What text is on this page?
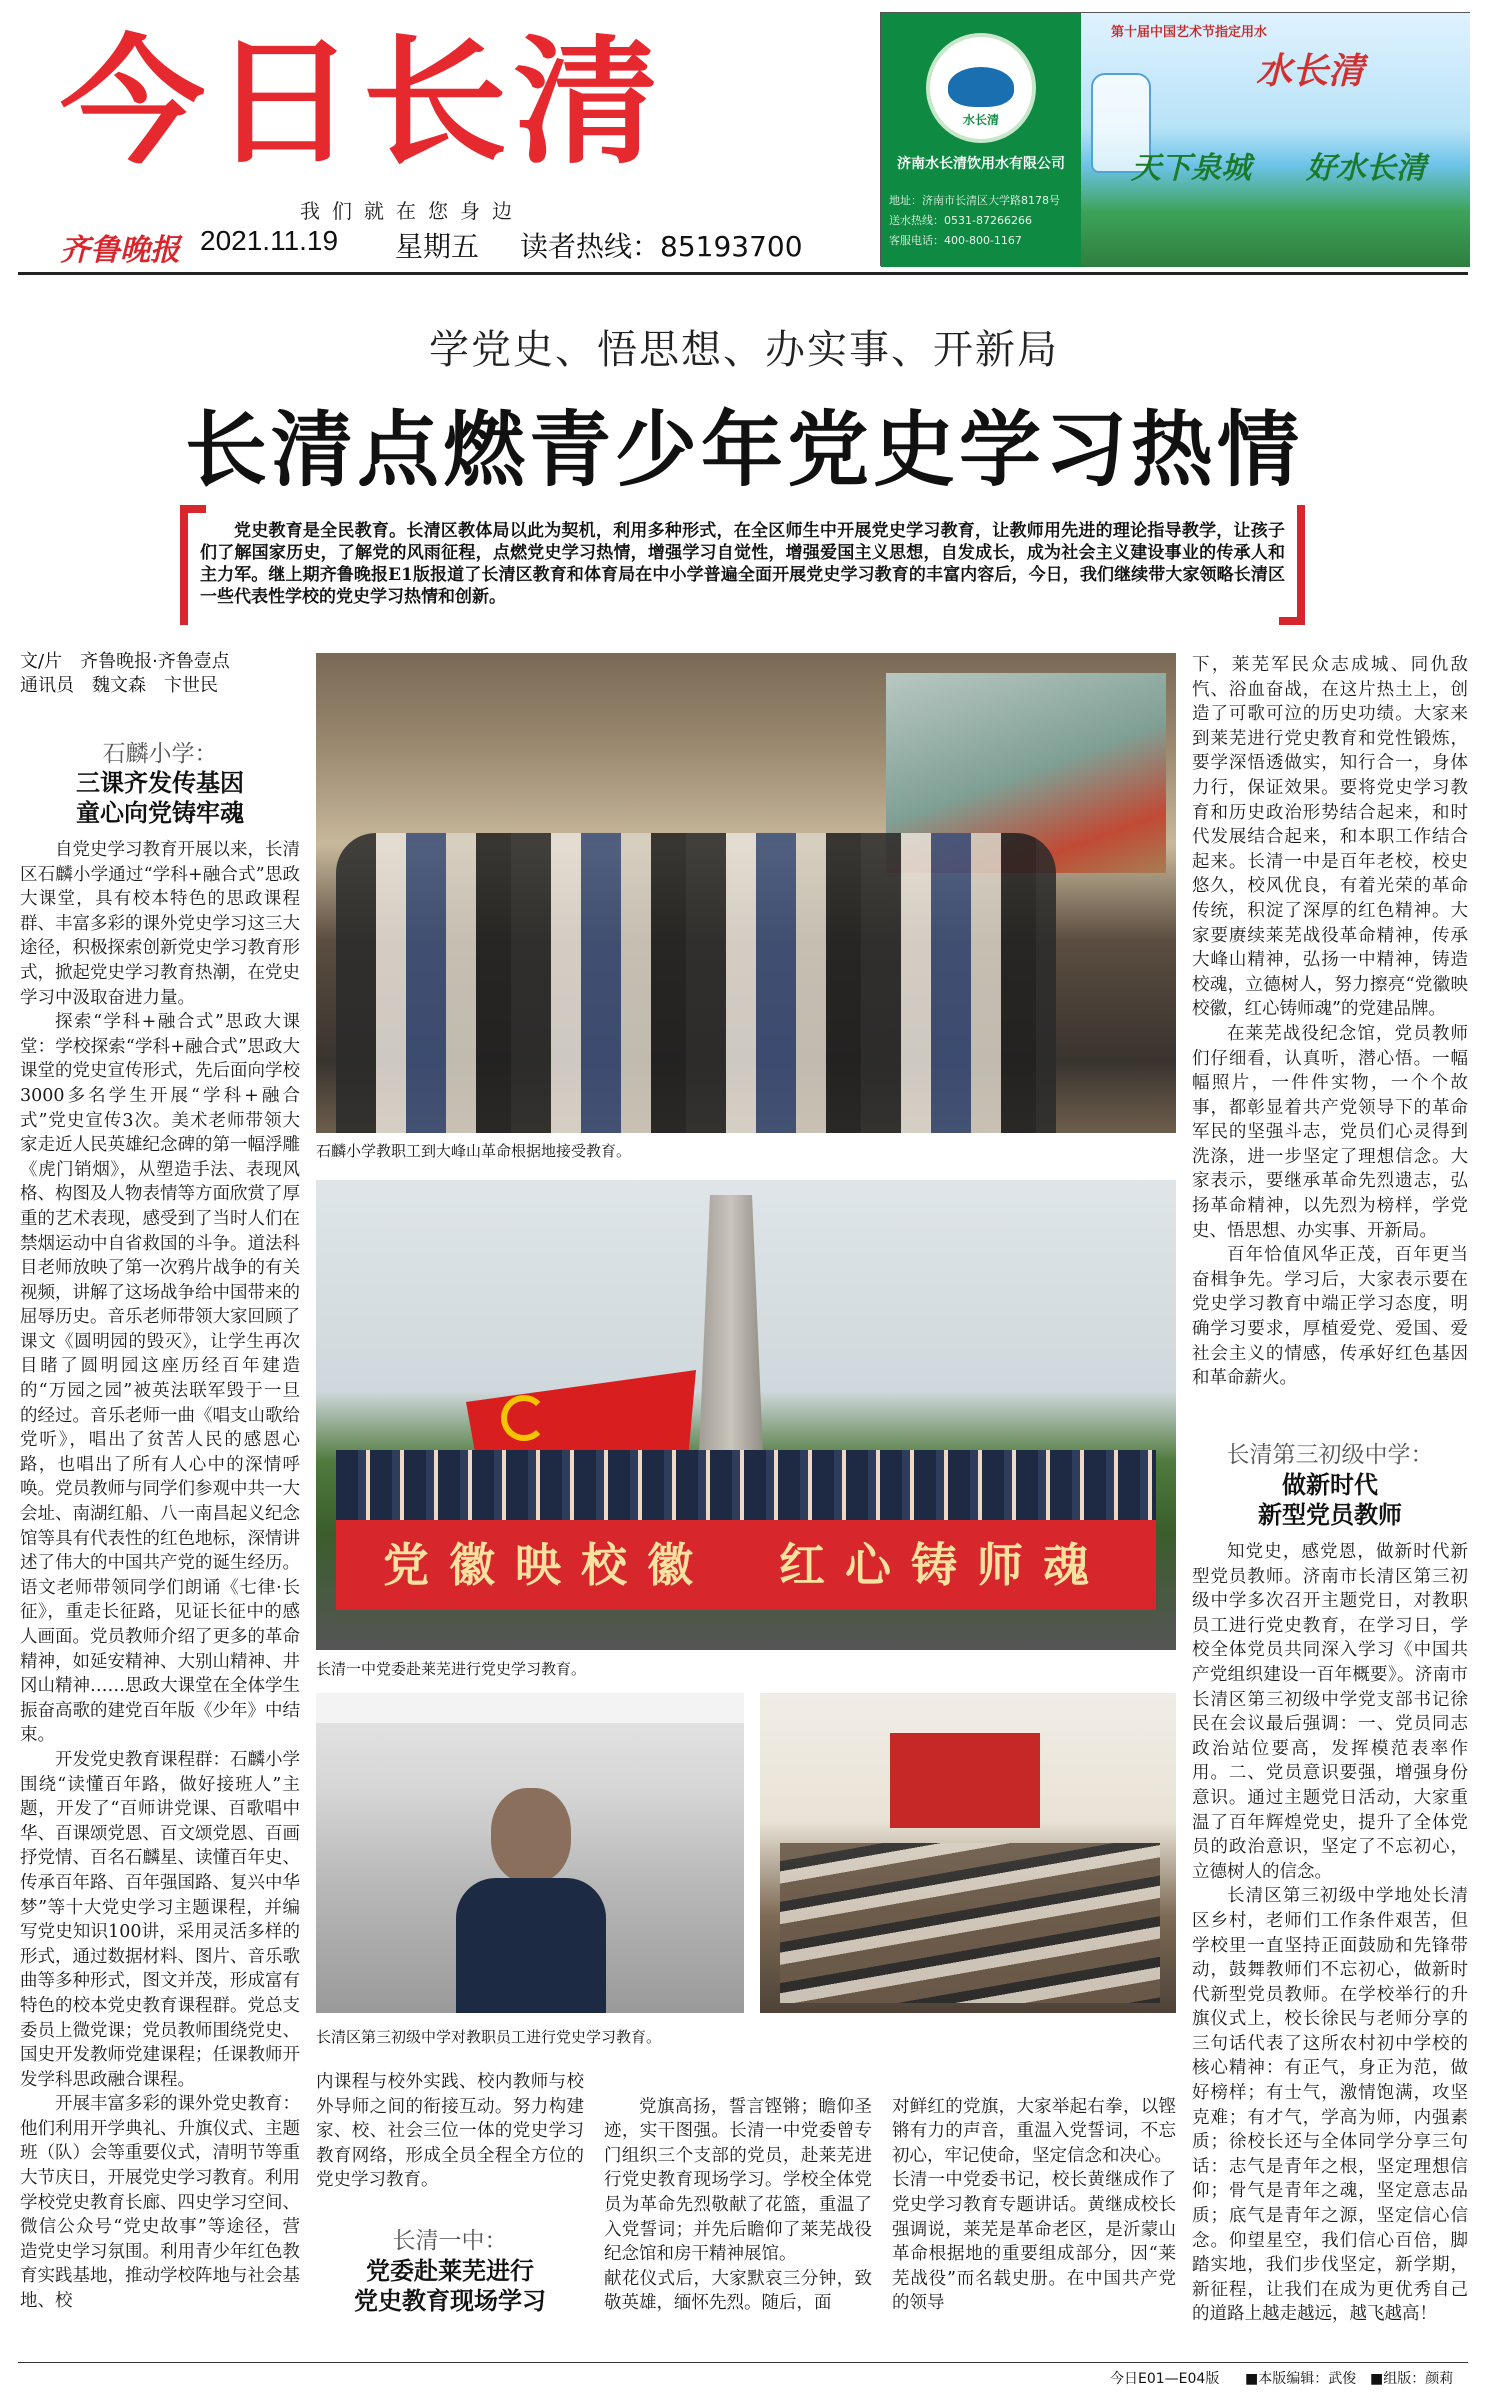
今日长清
我们就在您身边
齐鲁晚报 2021.11.19 星期五 读者热线：85193700
水长清
济南水长清饮用水有限公司
地址：济南市长清区大学路8178号
送水热线：0531-87266266
客服电话：400-800-1167
第十届中国艺术节指定用水
水长清
天下泉城 好水长清
学党史、悟思想、办实事、开新局
长清点燃青少年党史学习热情
党史教育是全民教育。长清区教体局以此为契机，利用多种形式，在全区师生中开展党史学习教育，让教师用先进的理论指导教学，让孩子们了解国家历史，了解党的风雨征程，点燃党史学习热情，增强学习自觉性，增强爱国主义思想，自发成长，成为社会主义建设事业的传承人和主力军。继上期齐鲁晚报E1版报道了长清区教育和体育局在中小学普遍全面开展党史学习教育的丰富内容后，今日，我们继续带大家领略长清区一些代表性学校的党史学习热情和创新。
文/片　齐鲁晚报·齐鲁壹点
通讯员　魏文森　卞世民
石麟小学：
三课齐发传基因
童心向党铸牢魂

自党史学习教育开展以来，长清区石麟小学通过“学科+融合式”思政大课堂，具有校本特色的思政课程群、丰富多彩的课外党史学习这三大途径，积极探索创新党史学习教育形式，掀起党史学习教育热潮，在党史学习中汲取奋进力量。

探索“学科+融合式”思政大课堂：学校探索“学科+融合式”思政大课堂的党史宣传形式，先后面向学校3000多名学生开展“学科+融合式”党史宣传3次。美术老师带领大家走近人民英雄纪念碑的第一幅浮雕《虎门销烟》，从塑造手法、表现风格、构图及人物表情等方面欣赏了厚重的艺术表现，感受到了当时人们在禁烟运动中自省救国的斗争。道法科目老师放映了第一次鸦片战争的有关视频，讲解了这场战争给中国带来的屈辱历史。音乐老师带领大家回顾了课文《圆明园的毁灭》，让学生再次目睹了圆明园这座历经百年建造的“万园之园”被英法联军毁于一旦的经过。音乐老师一曲《唱支山歌给党听》，唱出了贫苦人民的感恩心路，也唱出了所有人心中的深情呼唤。党员教师与同学们参观中共一大会址、南湖红船、八一南昌起义纪念馆等具有代表性的红色地标，深情讲述了伟大的中国共产党的诞生经历。语文老师带领同学们朗诵《七律·长征》，重走长征路，见证长征中的感人画面。党员教师介绍了更多的革命精神，如延安精神、大别山精神、井冈山精神……思政大课堂在全体学生振奋高歌的建党百年版《少年》中结束。

开发党史教育课程群：石麟小学围绕“读懂百年路，做好接班人”主题，开发了“百师讲党课、百歌唱中华、百课颂党恩、百文颂党恩、百画抒党情、百名石麟星、读懂百年史、传承百年路、百年强国路、复兴中华梦”等十大党史学习主题课程，并编写党史知识100讲，采用灵活多样的形式，通过数据材料、图片、音乐歌曲等多种形式，图文并茂，形成富有特色的校本党史教育课程群。党总支委员上微党课；党员教师围绕党史、国史开发教师党建课程；任课教师开发学科思政融合课程。

开展丰富多彩的课外党史教育：他们利用开学典礼、升旗仪式、主题班（队）会等重要仪式，清明节等重大节庆日，开展党史学习教育。利用学校党史教育长廊、四史学习空间、微信公众号“党史故事”等途径，营造党史学习氛围。利用青少年红色教育实践基地，推动学校阵地与社会基地、校

石麟小学教职工到大峰山革命根据地接受教育。
党徽映校徽　红心铸师魂
长清一中党委赴莱芜进行党史学习教育。
长清区第三初级中学对教职员工进行党史学习教育。

内课程与校外实践、校内教师与校外导师之间的衔接互动。努力构建家、校、社会三位一体的党史学习教育网络，形成全员全程全方位的党史学习教育。

长清一中：
党委赴莱芜进行
党史教育现场学习

党旗高扬，誓言铿锵；瞻仰圣迹，实干图强。长清一中党委曾专门组织三个支部的党员，赴莱芜进行党史教育现场学习。学校全体党员为革命先烈敬献了花篮，重温了入党誓词；并先后瞻仰了莱芜战役纪念馆和房干精神展馆。
献花仪式后，大家默哀三分钟，致敬英雄，缅怀先烈。随后，面

对鲜红的党旗，大家举起右拳，以铿锵有力的声音，重温入党誓词，不忘初心，牢记使命，坚定信念和决心。
长清一中党委书记，校长黄继成作了党史学习教育专题讲话。黄继成校长强调说，莱芜是革命老区，是沂蒙山革命根据地的重要组成部分，因“莱芜战役”而名载史册。在中国共产党的领导

下，莱芜军民众志成城、同仇敌忾、浴血奋战，在这片热土上，创造了可歌可泣的历史功绩。大家来到莱芜进行党史教育和党性锻炼，要学深悟透做实，知行合一，身体力行，保证效果。要将党史学习教育和历史政治形势结合起来，和时代发展结合起来，和本职工作结合起来。长清一中是百年老校，校史悠久，校风优良，有着光荣的革命传统，积淀了深厚的红色精神。大家要赓续莱芜战役革命精神，传承大峰山精神，弘扬一中精神，铸造校魂，立德树人，努力擦亮“党徽映校徽，红心铸师魂”的党建品牌。

在莱芜战役纪念馆，党员教师们仔细看，认真听，潜心悟。一幅幅照片，一件件实物，一个个故事，都彰显着共产党领导下的革命军民的坚强斗志，党员们心灵得到洗涤，进一步坚定了理想信念。大家表示，要继承革命先烈遗志，弘扬革命精神，以先烈为榜样，学党史、悟思想、办实事、开新局。

百年恰值风华正茂，百年更当奋楫争先。学习后，大家表示要在党史学习教育中端正学习态度，明确学习要求，厚植爱党、爱国、爱社会主义的情感，传承好红色基因和革命薪火。

长清第三初级中学：
做新时代
新型党员教师

知党史，感党恩，做新时代新型党员教师。济南市长清区第三初级中学多次召开主题党日，对教职员工进行党史教育，在学习日，学校全体党员共同深入学习《中国共产党组织建设一百年概要》。济南市长清区第三初级中学党支部书记徐民在会议最后强调：一、党员同志政治站位要高，发挥模范表率作用。二、党员意识要强，增强身份意识。通过主题党日活动，大家重温了百年辉煌党史，提升了全体党员的政治意识，坚定了不忘初心，立德树人的信念。

长清区第三初级中学地处长清区乡村，老师们工作条件艰苦，但学校里一直坚持正面鼓励和先锋带动，鼓舞教师们不忘初心，做新时代新型党员教师。在学校举行的升旗仪式上，校长徐民与老师分享的三句话代表了这所农村初中学校的核心精神：有正气，身正为范，做好榜样；有士气，激情饱满，攻坚克难；有才气，学高为师，内强素质；徐校长还与全体同学分享三句话：志气是青年之根，坚定理想信仰；骨气是青年之魂，坚定意志品质；底气是青年之源，坚定信心信念。仰望星空，我们信心百倍，脚踏实地，我们步伐坚定，新学期，新征程，让我们在成为更优秀自己的道路上越走越远，越飞越高！

今日E01—E04版 ■本版编辑：武俊 ■组版：颜莉
